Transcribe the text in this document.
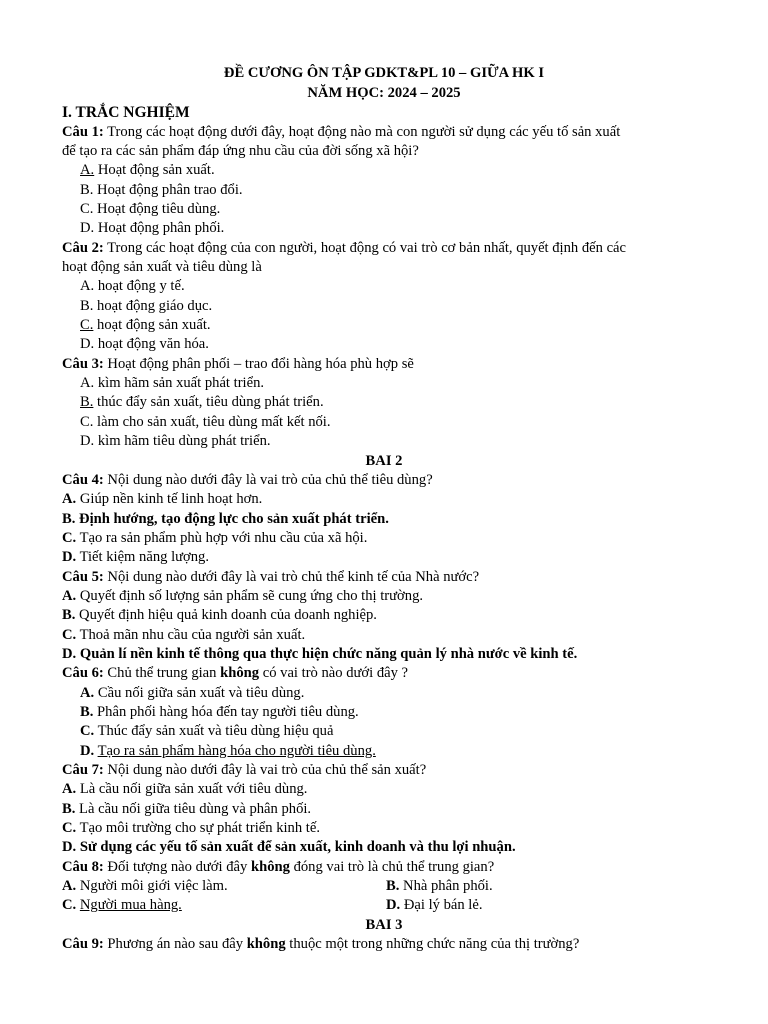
ĐỀ CƯƠNG ÔN TẬP GDKT&PL 10 – GIỮA HK I
NĂM HỌC: 2024 – 2025
I. TRẮC NGHIỆM
Câu 1: Trong các hoạt động dưới đây, hoạt động nào mà con người sử dụng các yếu tố sản xuất
để tạo ra các sản phẩm đáp ứng nhu cầu của đời sống xã hội?
A. Hoạt động sản xuất.
B. Hoạt động phân trao đổi.
C. Hoạt động tiêu dùng.
D. Hoạt động phân phối.
Câu 2: Trong các hoạt động của con người, hoạt động có vai trò cơ bản nhất, quyết định đến các
hoạt động sản xuất và tiêu dùng là
A. hoạt động y tế.
B. hoạt động giáo dục.
C. hoạt động sản xuất.
D. hoạt động văn hóa.
Câu 3: Hoạt động phân phối – trao đổi hàng hóa phù hợp sẽ
A. kìm hãm sản xuất phát triển.
B. thúc đẩy sản xuất, tiêu dùng phát triển.
C. làm cho sản xuất, tiêu dùng mất kết nối.
D. kìm hãm tiêu dùng phát triển.
BAI 2
Câu 4: Nội dung nào dưới đây là vai trò của chủ thể tiêu dùng?
A. Giúp nền kinh tế linh hoạt hơn.
B. Định hướng, tạo động lực cho sản xuất phát triển.
C. Tạo ra sản phẩm phù hợp với nhu cầu của xã hội.
D. Tiết kiệm năng lượng.
Câu 5: Nội dung nào dưới đây là vai trò chủ thể kinh tế của Nhà nước?
A. Quyết định số lượng sản phẩm sẽ cung ứng cho thị trường.
B. Quyết định hiệu quả kinh doanh của doanh nghiệp.
C. Thoả mãn nhu cầu của người sản xuất.
D. Quản lí nền kinh tế thông qua thực hiện chức năng quản lý nhà nước về kinh tế.
Câu 6: Chủ thể trung gian không có vai trò nào dưới đây ?
A. Cầu nối giữa sản xuất và tiêu dùng.
B. Phân phối hàng hóa đến tay người tiêu dùng.
C. Thúc đẩy sản xuất và tiêu dùng hiệu quả
D. Tạo ra sản phẩm hàng hóa cho người tiêu dùng.
Câu 7: Nội dung nào dưới đây là vai trò của chủ thể sản xuất?
A. Là cầu nối giữa sản xuất với tiêu dùng.
B. Là cầu nối giữa tiêu dùng và phân phối.
C. Tạo môi trường cho sự phát triển kinh tế.
D. Sử dụng các yếu tố sản xuất để sản xuất, kinh doanh và thu lợi nhuận.
Câu 8: Đối tượng nào dưới đây không đóng vai trò là chủ thể trung gian?
A. Người môi giới việc làm.	B. Nhà phân phối.
C. Người mua hàng.	D. Đại lý bán lẻ.
BAI 3
Câu 9: Phương án nào sau đây không thuộc một trong những chức năng của thị trường?
